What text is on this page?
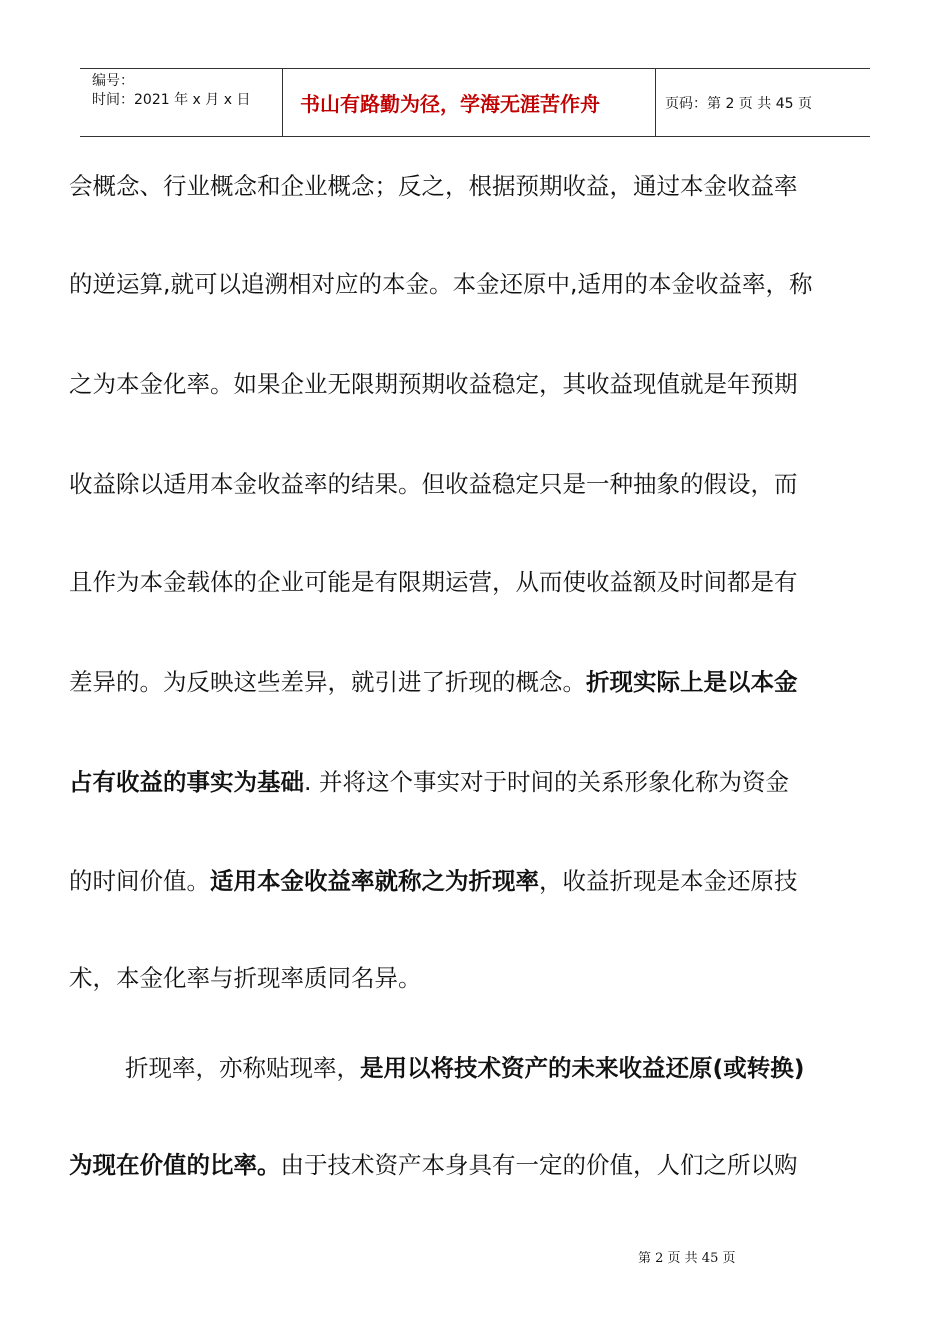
编号：
时间：2021 年 x 月 x 日 书山有路勤为径，学海无涯苦作舟	页码：第 2 页 共 45 页
会概念、行业概念和企业概念；反之，根据预期收益，通过本金收益率
的逆运算,就可以追溯相对应的本金。本金还原中,适用的本金收益率，称
之为本金化率。如果企业无限期预期收益稳定，其收益现值就是年预期
收益除以适用本金收益率的结果。但收益稳定只是一种抽象的假设，而
且作为本金载体的企业可能是有限期运营，从而使收益额及时间都是有
差异的。为反映这些差异，就引进了折现的概念。折现实际上是以本金
占有收益的事实为基础. 并将这个事实对于时间的关系形象化称为资金
的时间价值。适用本金收益率就称之为折现率，收益折现是本金还原技
术，本金化率与折现率质同名异。
折现率，亦称贴现率，是用以将技术资产的未来收益还原(或转换)
为现在价值的比率。由于技术资产本身具有一定的价值，人们之所以购
第 2 页 共 45 页
